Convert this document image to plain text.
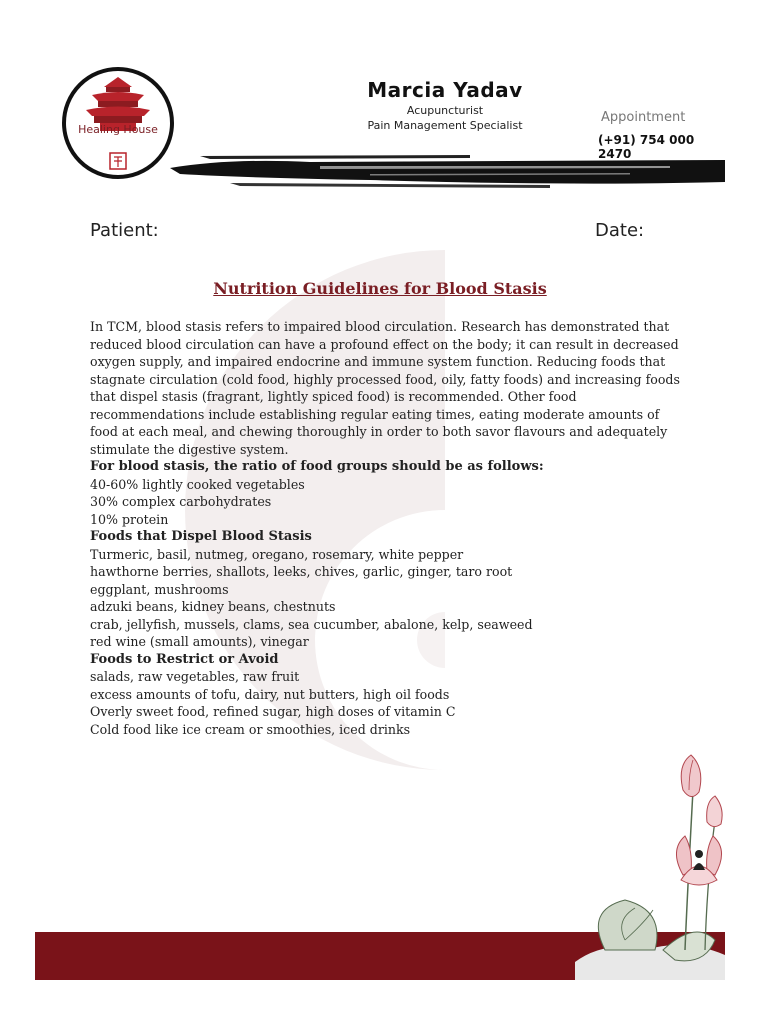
Healing House
Marcia Yadav
Acupuncturist
Pain Management Specialist
Appointment
(+91) 754 000 2470
Patient:	Date:
Nutrition Guidelines for Blood Stasis

In TCM, blood stasis refers to impaired blood circulation. Research has demonstrated that reduced blood circulation can have a profound effect on the body; it can result in decreased oxygen supply, and impaired endocrine and immune system function. Reducing foods that stagnate circulation (cold food, highly processed food, oily, fatty foods) and increasing foods that dispel stasis (fragrant, lightly spiced food) is recommended. Other food recommendations include establishing regular eating times, eating moderate amounts of food at each meal, and chewing thoroughly in order to both savor flavours and adequately stimulate the digestive system.

For blood stasis, the ratio of food groups should be as follows:

40-60% lightly cooked vegetables
30% complex carbohydrates
10% protein

Foods that Dispel Blood Stasis

Turmeric, basil, nutmeg, oregano, rosemary, white pepper
hawthorne berries, shallots, leeks, chives, garlic, ginger, taro root
eggplant, mushrooms
adzuki beans, kidney beans, chestnuts
crab, jellyfish, mussels, clams, sea cucumber, abalone, kelp, seaweed
red wine (small amounts), vinegar

Foods to Restrict or Avoid

salads, raw vegetables, raw fruit
excess amounts of tofu, dairy, nut butters, high oil foods
Overly sweet food, refined sugar, high doses of vitamin C
Cold food like ice cream or smoothies, iced drinks
